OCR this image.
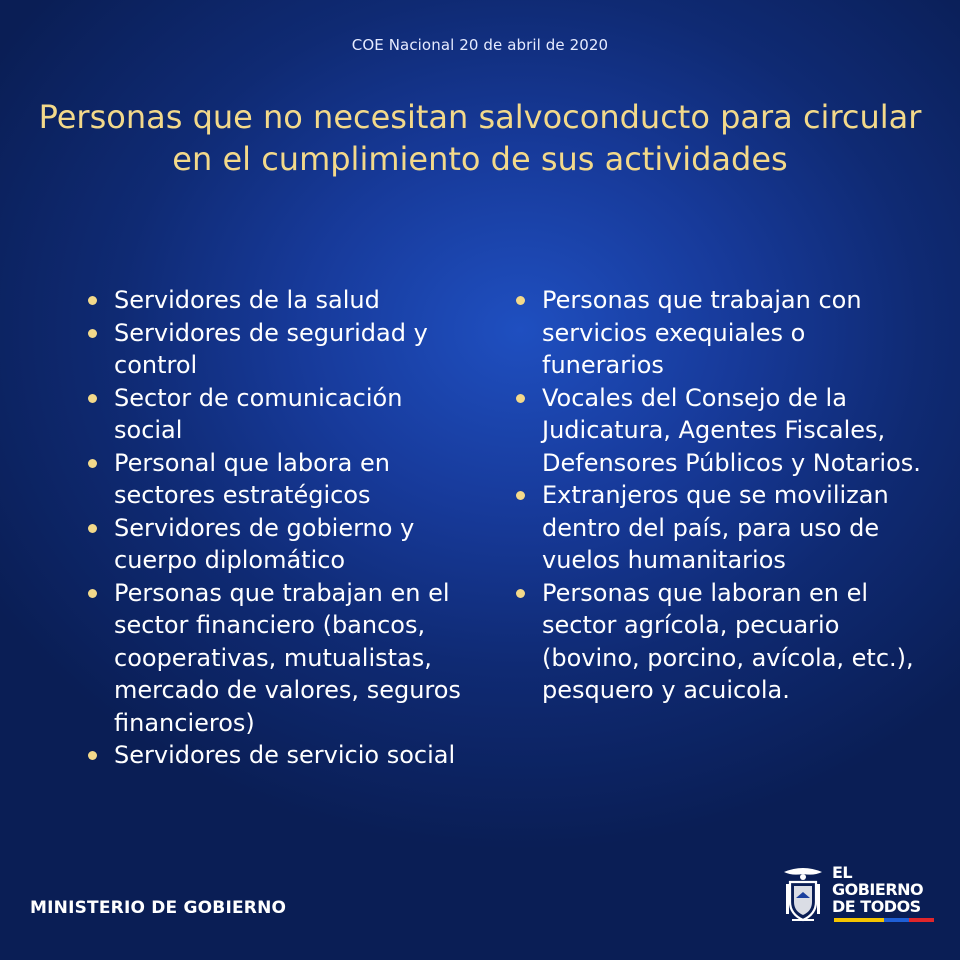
COE Nacional 20 de abril de 2020
Personas que no necesitan salvoconducto para circular en el cumplimiento de sus actividades
Servidores de la salud
Servidores de seguridad y control
Sector de comunicación social
Personal que labora en sectores estratégicos
Servidores de gobierno y cuerpo diplomático
Personas que trabajan en el sector financiero (bancos, cooperativas, mutualistas, mercado de valores, seguros financieros)
Servidores de servicio social
Personas que trabajan con servicios exequiales o funerarios
Vocales del Consejo de la Judicatura, Agentes Fiscales, Defensores Públicos y Notarios.
Extranjeros que se movilizan dentro del país, para uso de vuelos humanitarios
Personas que laboran en el sector agrícola, pecuario (bovino, porcino, avícola, etc.), pesquero y acuicola.
MINISTERIO DE GOBIERNO
EL
GOBIERNO
DE TODOS
